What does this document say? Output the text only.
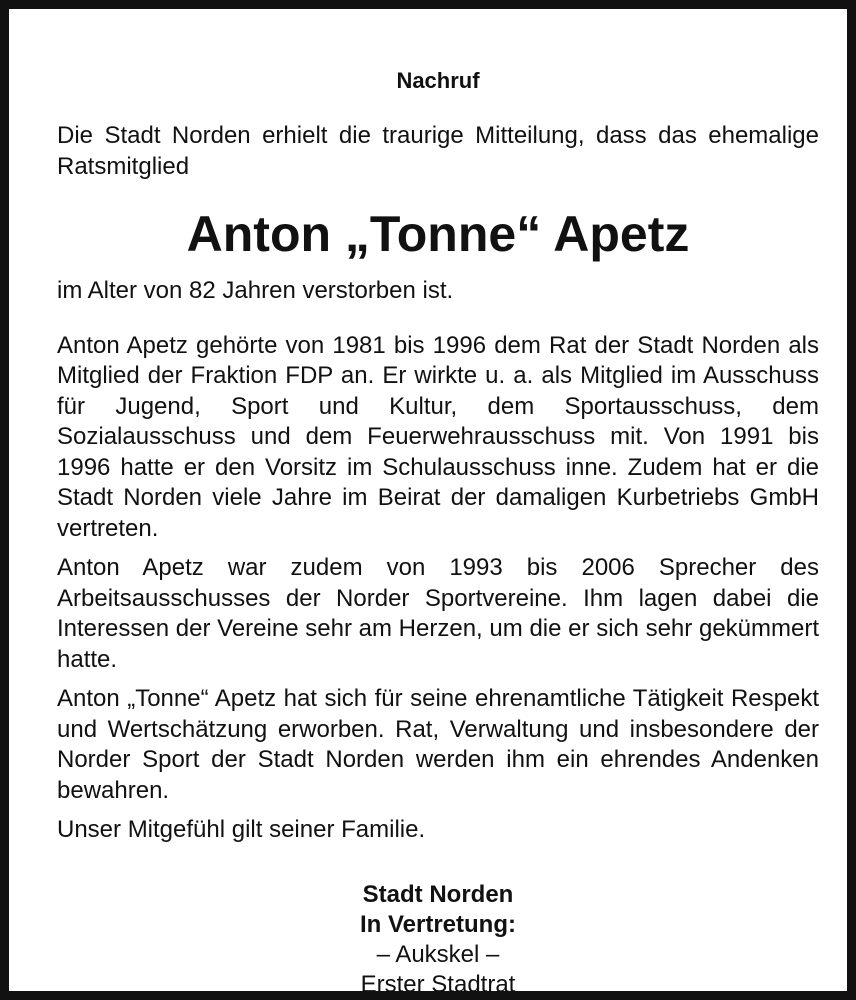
Nachruf

Die Stadt Norden erhielt die traurige Mitteilung, dass das ehemalige Ratsmitglied

Anton „Tonne“ Apetz

im Alter von 82 Jahren verstorben ist.

Anton Apetz gehörte von 1981 bis 1996 dem Rat der Stadt Norden als Mitglied der Fraktion FDP an. Er wirkte u. a. als Mitglied im Ausschuss für Jugend, Sport und Kultur, dem Sportausschuss, dem Sozialausschuss und dem Feuerwehrausschuss mit. Von 1991 bis 1996 hatte er den Vorsitz im Schulausschuss inne. Zudem hat er die Stadt Norden viele Jahre im Beirat der damaligen Kurbetriebs GmbH vertreten.

Anton Apetz war zudem von 1993 bis 2006 Sprecher des Arbeitsausschusses der Norder Sportvereine. Ihm lagen dabei die Interessen der Vereine sehr am Herzen, um die er sich sehr gekümmert hatte.

Anton „Tonne“ Apetz hat sich für seine ehrenamtliche Tätigkeit Respekt und Wertschätzung erworben. Rat, Verwaltung und insbesondere der Norder Sport der Stadt Norden werden ihm ein ehrendes Andenken bewahren.

Unser Mitgefühl gilt seiner Familie.

Stadt Norden
In Vertretung:
– Aukskel –
Erster Stadtrat
